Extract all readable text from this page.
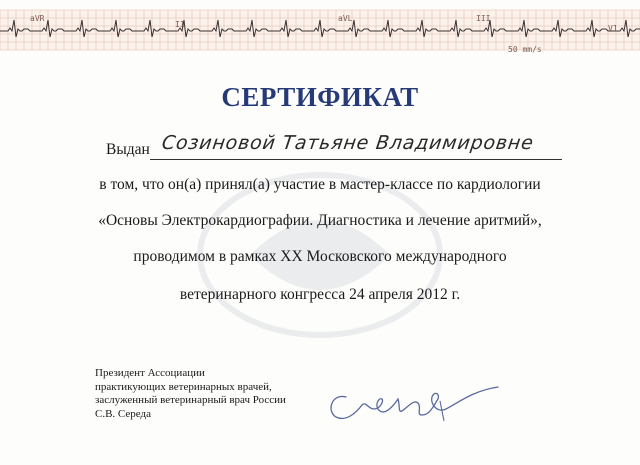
aVR
II
aVL	III
V1
50 mm/s
СЕРТИФИКАТ
Выдан Созиновой Татьяне Владимировне
в том, что он(а) принял(а) участие в мастер-классе по кардиологии
«Основы Электрокардиографии. Диагностика и лечение аритмий»,
проводимом в рамках XX Московского международного
ветеринарного конгресса 24 апреля 2012 г.
Президент Ассоциации
практикующих ветеринарных врачей,
заслуженный ветеринарный врач России
С.В. Середа
